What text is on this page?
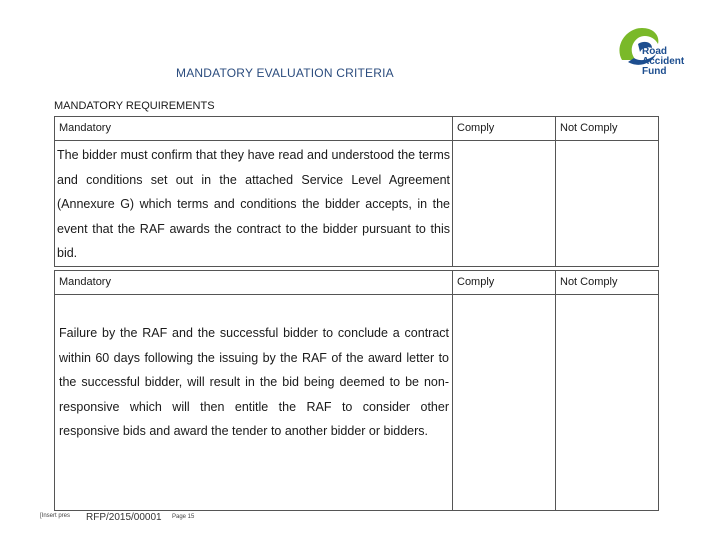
MANDATORY EVALUATION CRITERIA
MANDATORY REQUIREMENTS
Road
Accident
Fund
Mandatory	Comply	Not Comply

The bidder must confirm that they have read and understood the terms and conditions set out in the attached Service Level Agreement (Annexure G) which terms and conditions the bidder accepts, in the event that the RAF awards the contract to the bidder pursuant to this bid.		

Mandatory	Comply	Not Comply

Failure by the RAF and the successful bidder to conclude a contract within 60 days following the issuing by the RAF of the award letter to the successful bidder, will result in the bid being deemed to be non-responsive which will then entitle the RAF to consider other responsive bids and award the tender to another bidder or bidders.		

[Insert pres RFP/2015/00001 Page 15
